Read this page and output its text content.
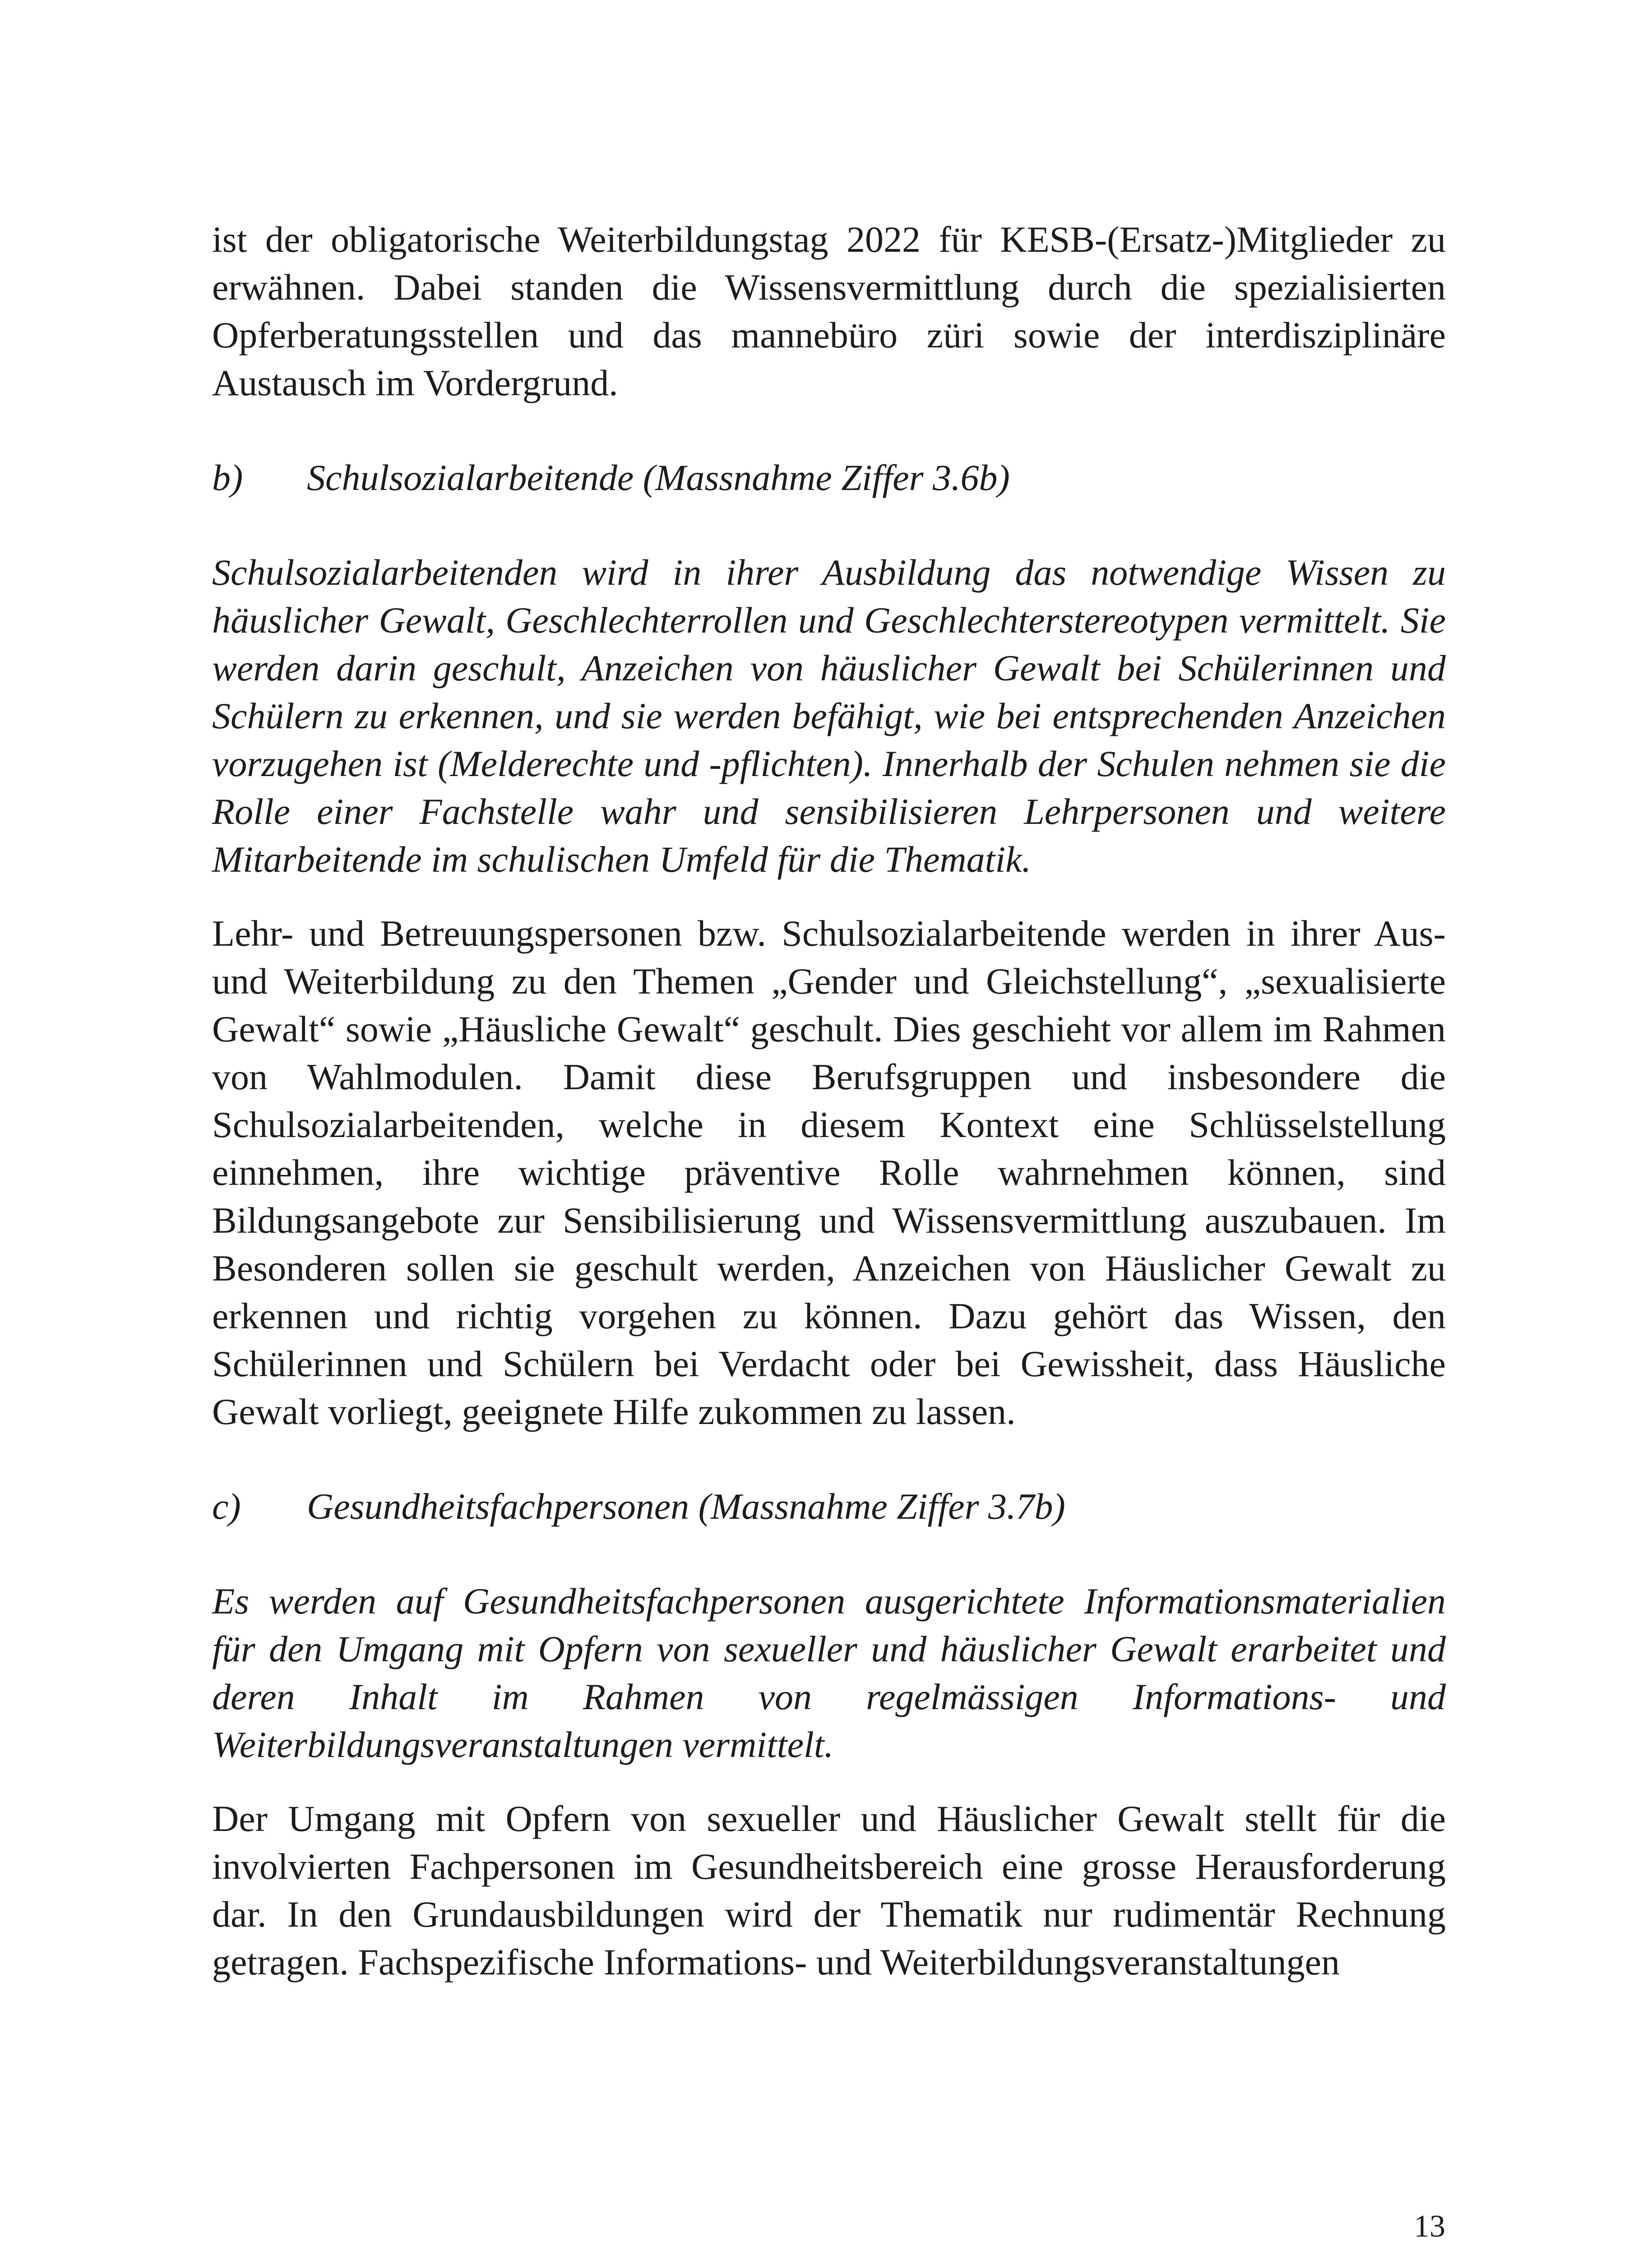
ist der obligatorische Weiterbildungstag 2022 für KESB-(Ersatz-)Mitglieder zu erwähnen. Dabei standen die Wissensvermittlung durch die spezialisierten Opferberatungsstellen und das mannebüro züri sowie der interdisziplinäre Austausch im Vordergrund.

b)	Schulsozialarbeitende (Massnahme Ziffer 3.6b)

Schulsozialarbeitenden wird in ihrer Ausbildung das notwendige Wissen zu häuslicher Gewalt, Geschlechterrollen und Geschlechterstereotypen vermittelt. Sie werden darin geschult, Anzeichen von häuslicher Gewalt bei Schülerinnen und Schülern zu erkennen, und sie werden befähigt, wie bei entsprechenden Anzeichen vorzugehen ist (Melderechte und -pflichten). Innerhalb der Schulen nehmen sie die Rolle einer Fachstelle wahr und sensibilisieren Lehrpersonen und weitere Mitarbeitende im schulischen Umfeld für die Thematik.

Lehr- und Betreuungspersonen bzw. Schulsozialarbeitende werden in ihrer Aus- und Weiterbildung zu den Themen „Gender und Gleichstellung“, „sexualisierte Gewalt“ sowie „Häusliche Gewalt“ geschult. Dies geschieht vor allem im Rahmen von Wahlmodulen. Damit diese Berufsgruppen und insbesondere die Schulsozialarbeitenden, welche in diesem Kontext eine Schlüsselstellung einnehmen, ihre wichtige präventive Rolle wahrnehmen können, sind Bildungsangebote zur Sensibilisierung und Wissensvermittlung auszubauen. Im Besonderen sollen sie geschult werden, Anzeichen von Häuslicher Gewalt zu erkennen und richtig vorgehen zu können. Dazu gehört das Wissen, den Schülerinnen und Schülern bei Verdacht oder bei Gewissheit, dass Häusliche Gewalt vorliegt, geeignete Hilfe zukommen zu lassen.

c)	Gesundheitsfachpersonen (Massnahme Ziffer 3.7b)

Es werden auf Gesundheitsfachpersonen ausgerichtete Informationsmaterialien für den Umgang mit Opfern von sexueller und häuslicher Gewalt erarbeitet und deren Inhalt im Rahmen von regelmässigen Informations- und Weiterbildungsveranstaltungen vermittelt.

Der Umgang mit Opfern von sexueller und Häuslicher Gewalt stellt für die involvierten Fachpersonen im Gesundheitsbereich eine grosse Herausforderung dar. In den Grundausbildungen wird der Thematik nur rudimentär Rechnung getragen. Fachspezifische Informations- und Weiterbildungsveranstaltungen

13
